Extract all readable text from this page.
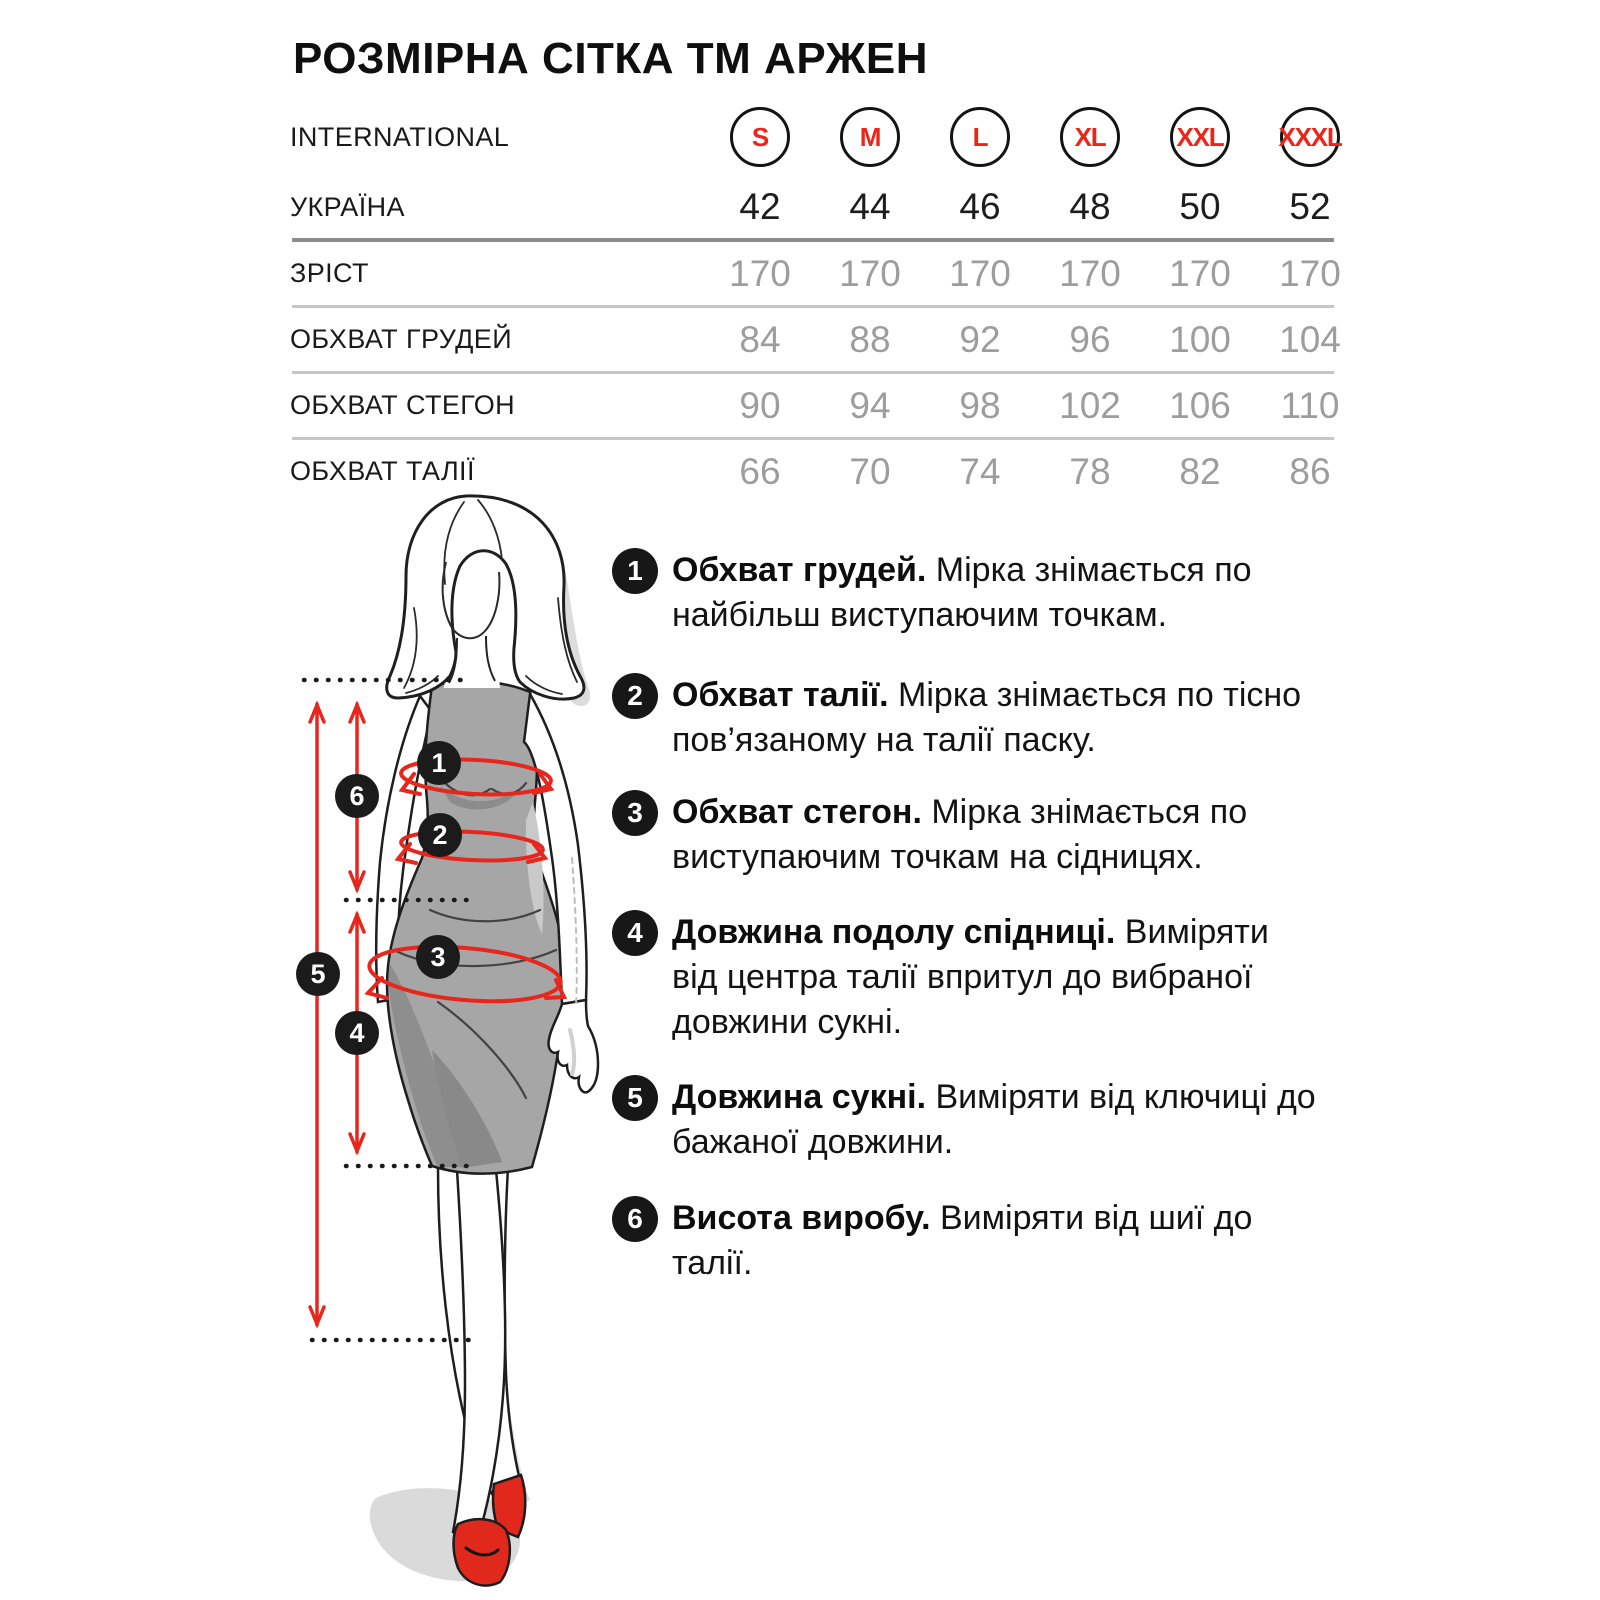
РОЗМІРНА СІТКА ТМ АРЖЕН
INTERNATIONAL	S	M	L	XL	XXL XXXL
УКРАЇНА	42	44	46	48	50	52
ЗРІСТ	170	170	170	170	170	170
ОБХВАТ ГРУДЕЙ	84	88	92	96	100	104
ОБХВАТ СТЕГОН	90	94	98	102	106	110
ОБХВАТ ТАЛІЇ	66	70	74	78	82	86
1
2
3
4
5
6
1 Обхват грудей. Мірка знімається по найбільш виступаючим точкам.
2 Обхват талії. Мірка знімається по тісно пов’язаному на талії паску.
3 Обхват стегон. Мірка знімається по виступаючим точкам на сідницях.
4 Довжина подолу спідниці. Виміряти від центра талії впритул до вибраної довжини сукні.
5 Довжина сукні. Виміряти від ключиці до бажаної довжини.
6 Висота виробу. Виміряти від шиї до талії.
